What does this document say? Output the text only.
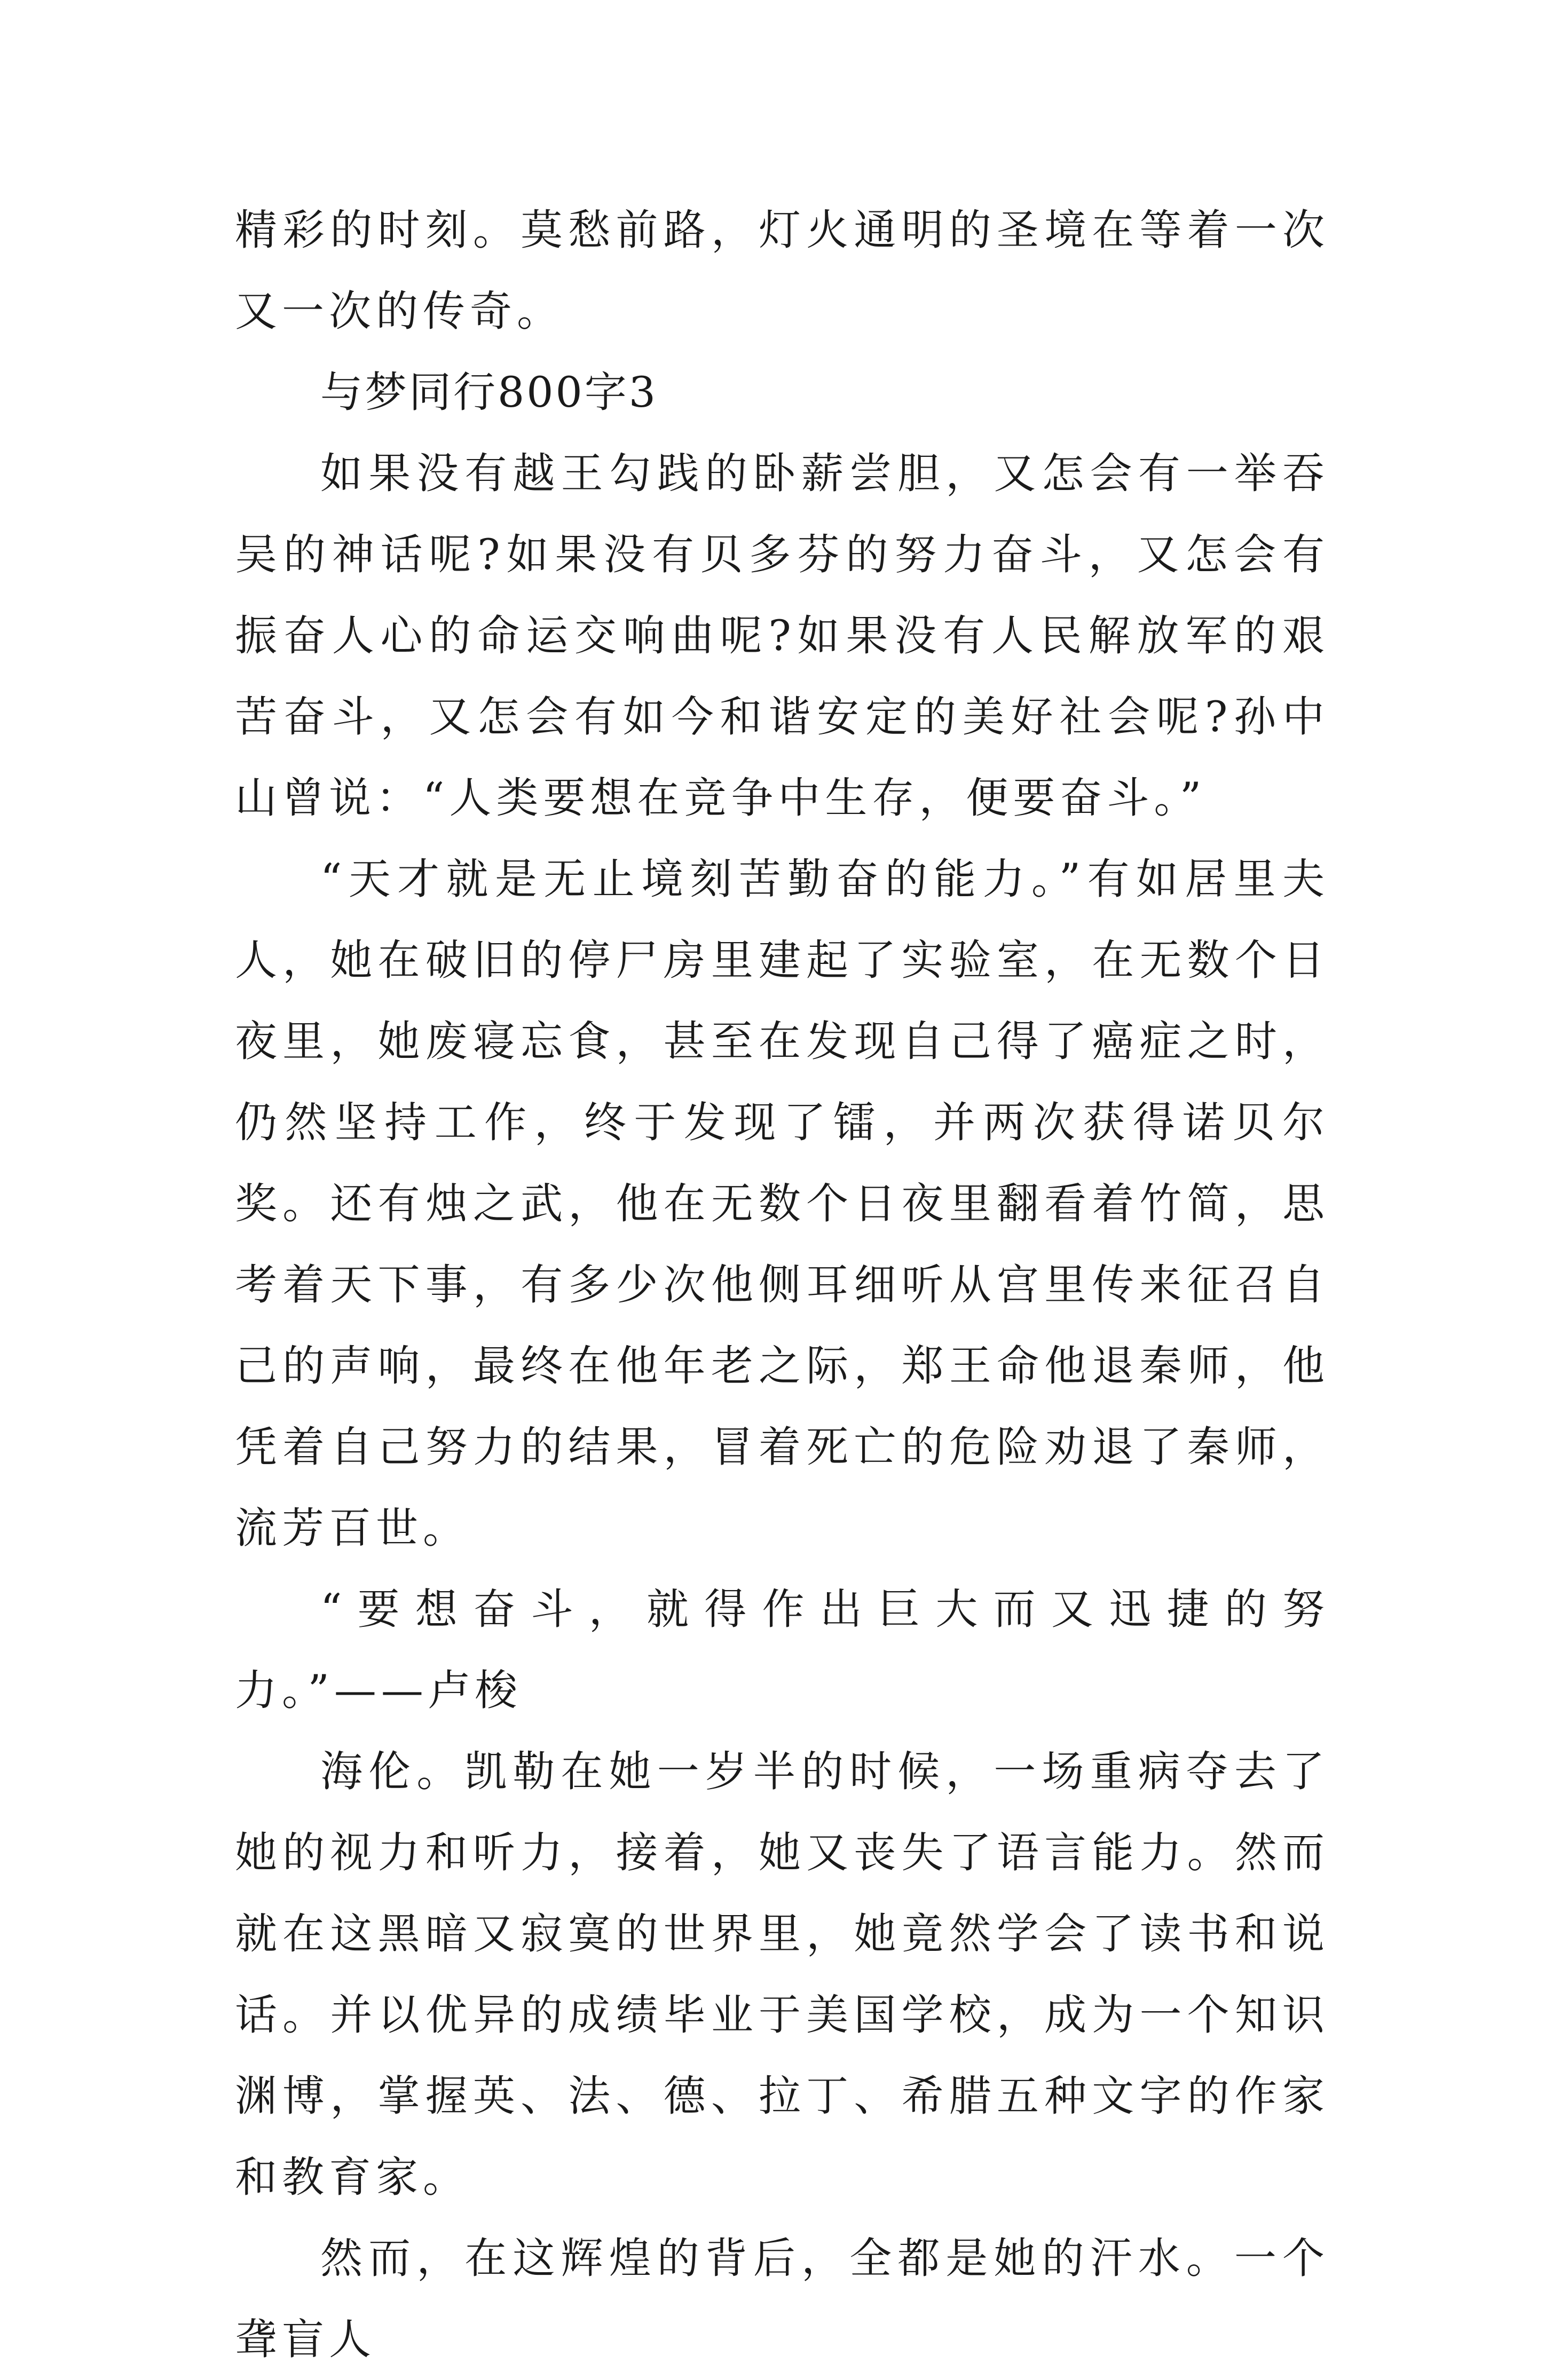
精彩的时刻。莫愁前路，灯火通明的圣境在等着一次又一次的传奇。

与梦同行800字3

如果没有越王勾践的卧薪尝胆，又怎会有一举吞吴的神话呢?如果没有贝多芬的努力奋斗，又怎会有振奋人心的命运交响曲呢?如果没有人民解放军的艰苦奋斗，又怎会有如今和谐安定的美好社会呢?孙中山曾说：“人类要想在竞争中生存，便要奋斗。”

“天才就是无止境刻苦勤奋的能力。”有如居里夫人，她在破旧的停尸房里建起了实验室，在无数个日夜里，她废寝忘食，甚至在发现自己得了癌症之时，仍然坚持工作，终于发现了镭，并两次获得诺贝尔奖。还有烛之武，他在无数个日夜里翻看着竹简，思考着天下事，有多少次他侧耳细听从宫里传来征召自己的声响，最终在他年老之际，郑王命他退秦师，他凭着自己努力的结果，冒着死亡的危险劝退了秦师，流芳百世。

“要想奋斗，就得作出巨大而又迅捷的努力。”——卢梭

海伦。凯勒在她一岁半的时候，一场重病夺去了她的视力和听力，接着，她又丧失了语言能力。然而就在这黑暗又寂寞的世界里，她竟然学会了读书和说话。并以优异的成绩毕业于美国学校，成为一个知识渊博，掌握英、法、德、拉丁、希腊五种文字的作家和教育家。

然而，在这辉煌的背后，全都是她的汗水。一个聋盲人
